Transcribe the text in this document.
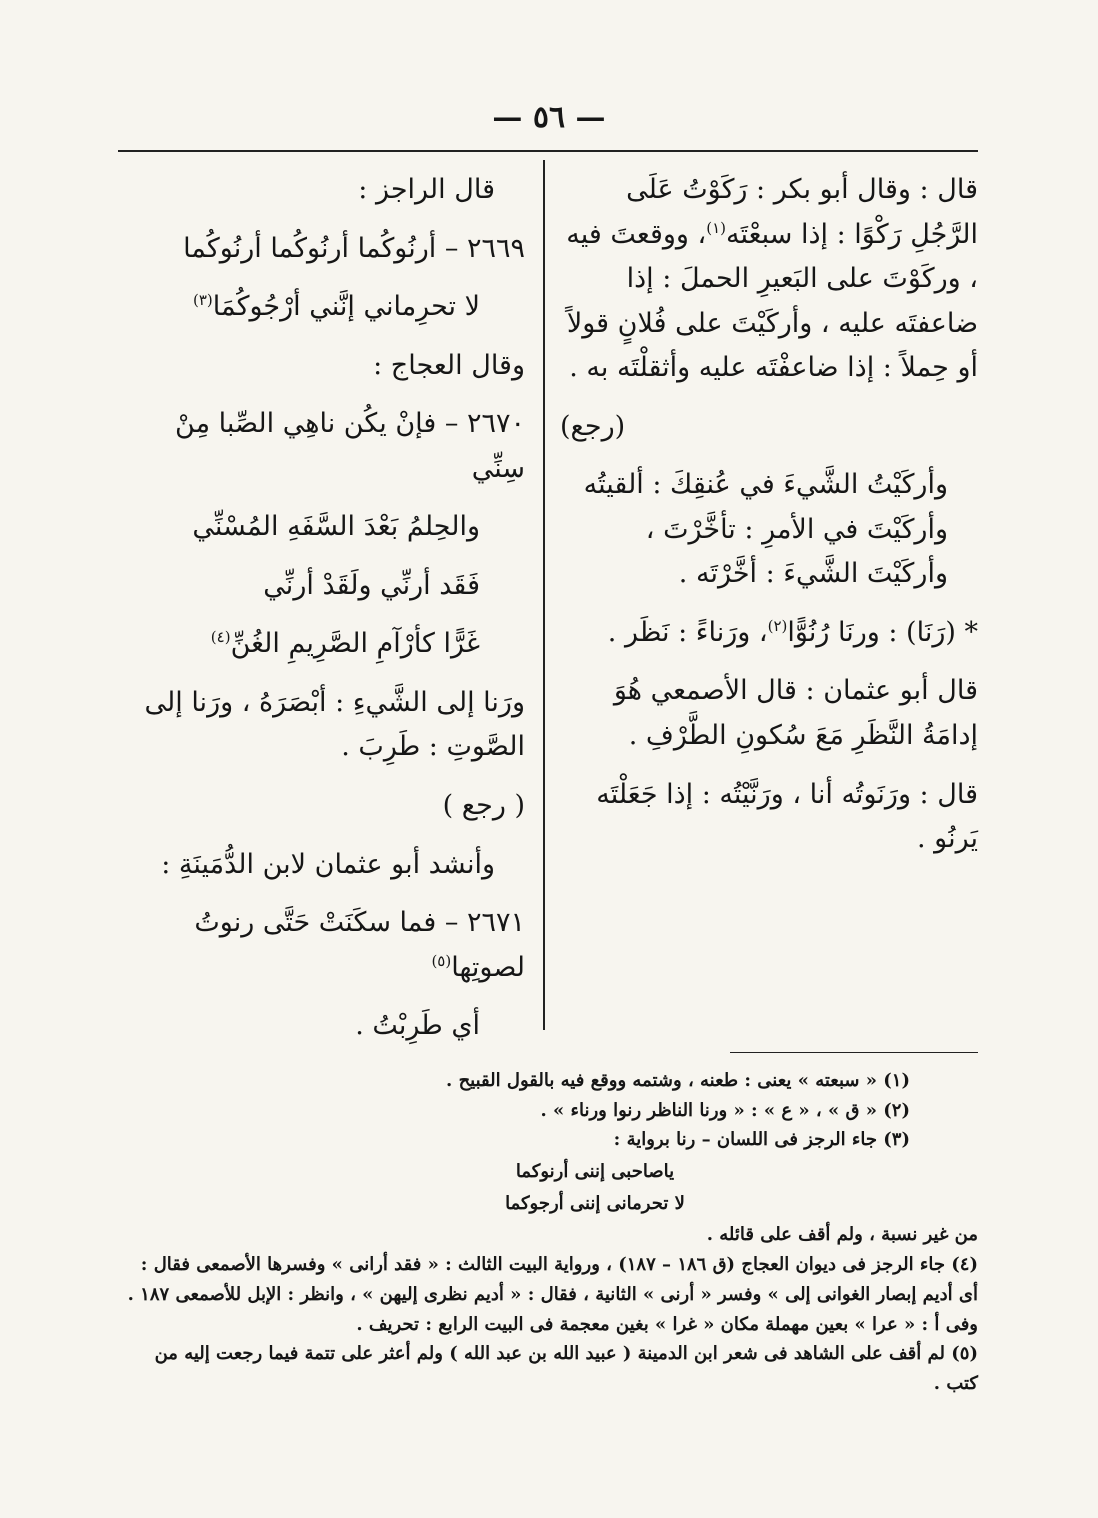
— ٥٦ —

قال : وقال أبو بكر : رَكَوْتُ عَلَى الرَّجُلِ رَكْوًا : إذا سبعْتَه$^{(١)}$، ووقعتَ فيه ، وركَوْتَ على البَعيرِ الحملَ : إذا ضاعفتَه عليه ، وأركَيْتَ على فُلانٍ قولاً أو حِملاً : إذا ضاعفْتَه عليه وأثقلْتَه به .

(رجع)

وأركَيْتُ الشَّيءَ في عُنقِكَ : ألقيتُه وأركَيْتَ في الأمرِ : تأخَّرْتَ ، وأركَيْتَ الشَّيءَ : أخَّرْتَه .

* (رَنَا) : ورنَا رُنُوًّا$^{(٢)}$، ورَناءً : نَظَر .

قال أبو عثمان : قال الأصمعي هُوَ إدامَةُ النَّظَرِ مَعَ سُكونِ الطَّرْفِ .

قال : ورَنَوتُه أنا ، ورَنَّيْتُه : إذا جَعَلْتَه يَرنُو .

قال الراجز :

٢٦٦٩ – أرنُوكُما أرنُوكُما أرنُوكُما

لا تحرِماني إنَّني أرْجُوكُمَا$^{(٣)}$

وقال العجاج :

٢٦٧٠ – فإنْ يكُن ناهِي الصِّبا مِنْ سِنِّي

والحِلمُ بَعْدَ السَّفَهِ المُسْنِّي

فَقَد أرنِّي ولَقَدْ أرنِّي

غَرًّا كأرْآمِ الصَّرِيمِ الغُنِّ$^{(٤)}$

ورَنا إلى الشَّيءِ : أبْصَرَهُ ، ورَنا إلى الصَّوتِ : طَرِبَ .

( رجع )

وأنشد أبو عثمان لابن الدُّمَينَةِ :

٢٦٧١ – فما سكَنَتْ حَتَّى رنوتُ لصوتِها$^{(٥)}$

أي طَرِبْتُ .

(١) « سبعته » يعنى : طعنه ، وشتمه ووقع فيه بالقول القبيح .

(٢) « ق » ، « ع » : « ورنا الناظر رنوا ورناء » .

(٣) جاء الرجز فى اللسان – رنا برواية :

ياصاحبى إننى أرنوكما

لا تحرمانى إننى أرجوكما

من غير نسبة ، ولم أقف على قائله .

(٤) جاء الرجز فى ديوان العجاج (ق ١٨٦ – ١٨٧) ، ورواية البيت الثالث : « فقد أرانى » وفسرها الأصمعى فقال : أى أديم إبصار الغوانى إلى » وفسر « أرنى » الثانية ، فقال : « أديم نظرى إليهن » ، وانظر : الإبل للأصمعى ١٨٧ . وفى أ : « عرا » بعين مهملة مكان « غرا » بغين معجمة فى البيت الرابع : تحريف .

(٥) لم أقف على الشاهد فى شعر ابن الدمينة ( عبيد الله بن عبد الله ) ولم أعثر على تتمة فيما رجعت إليه من كتب .
